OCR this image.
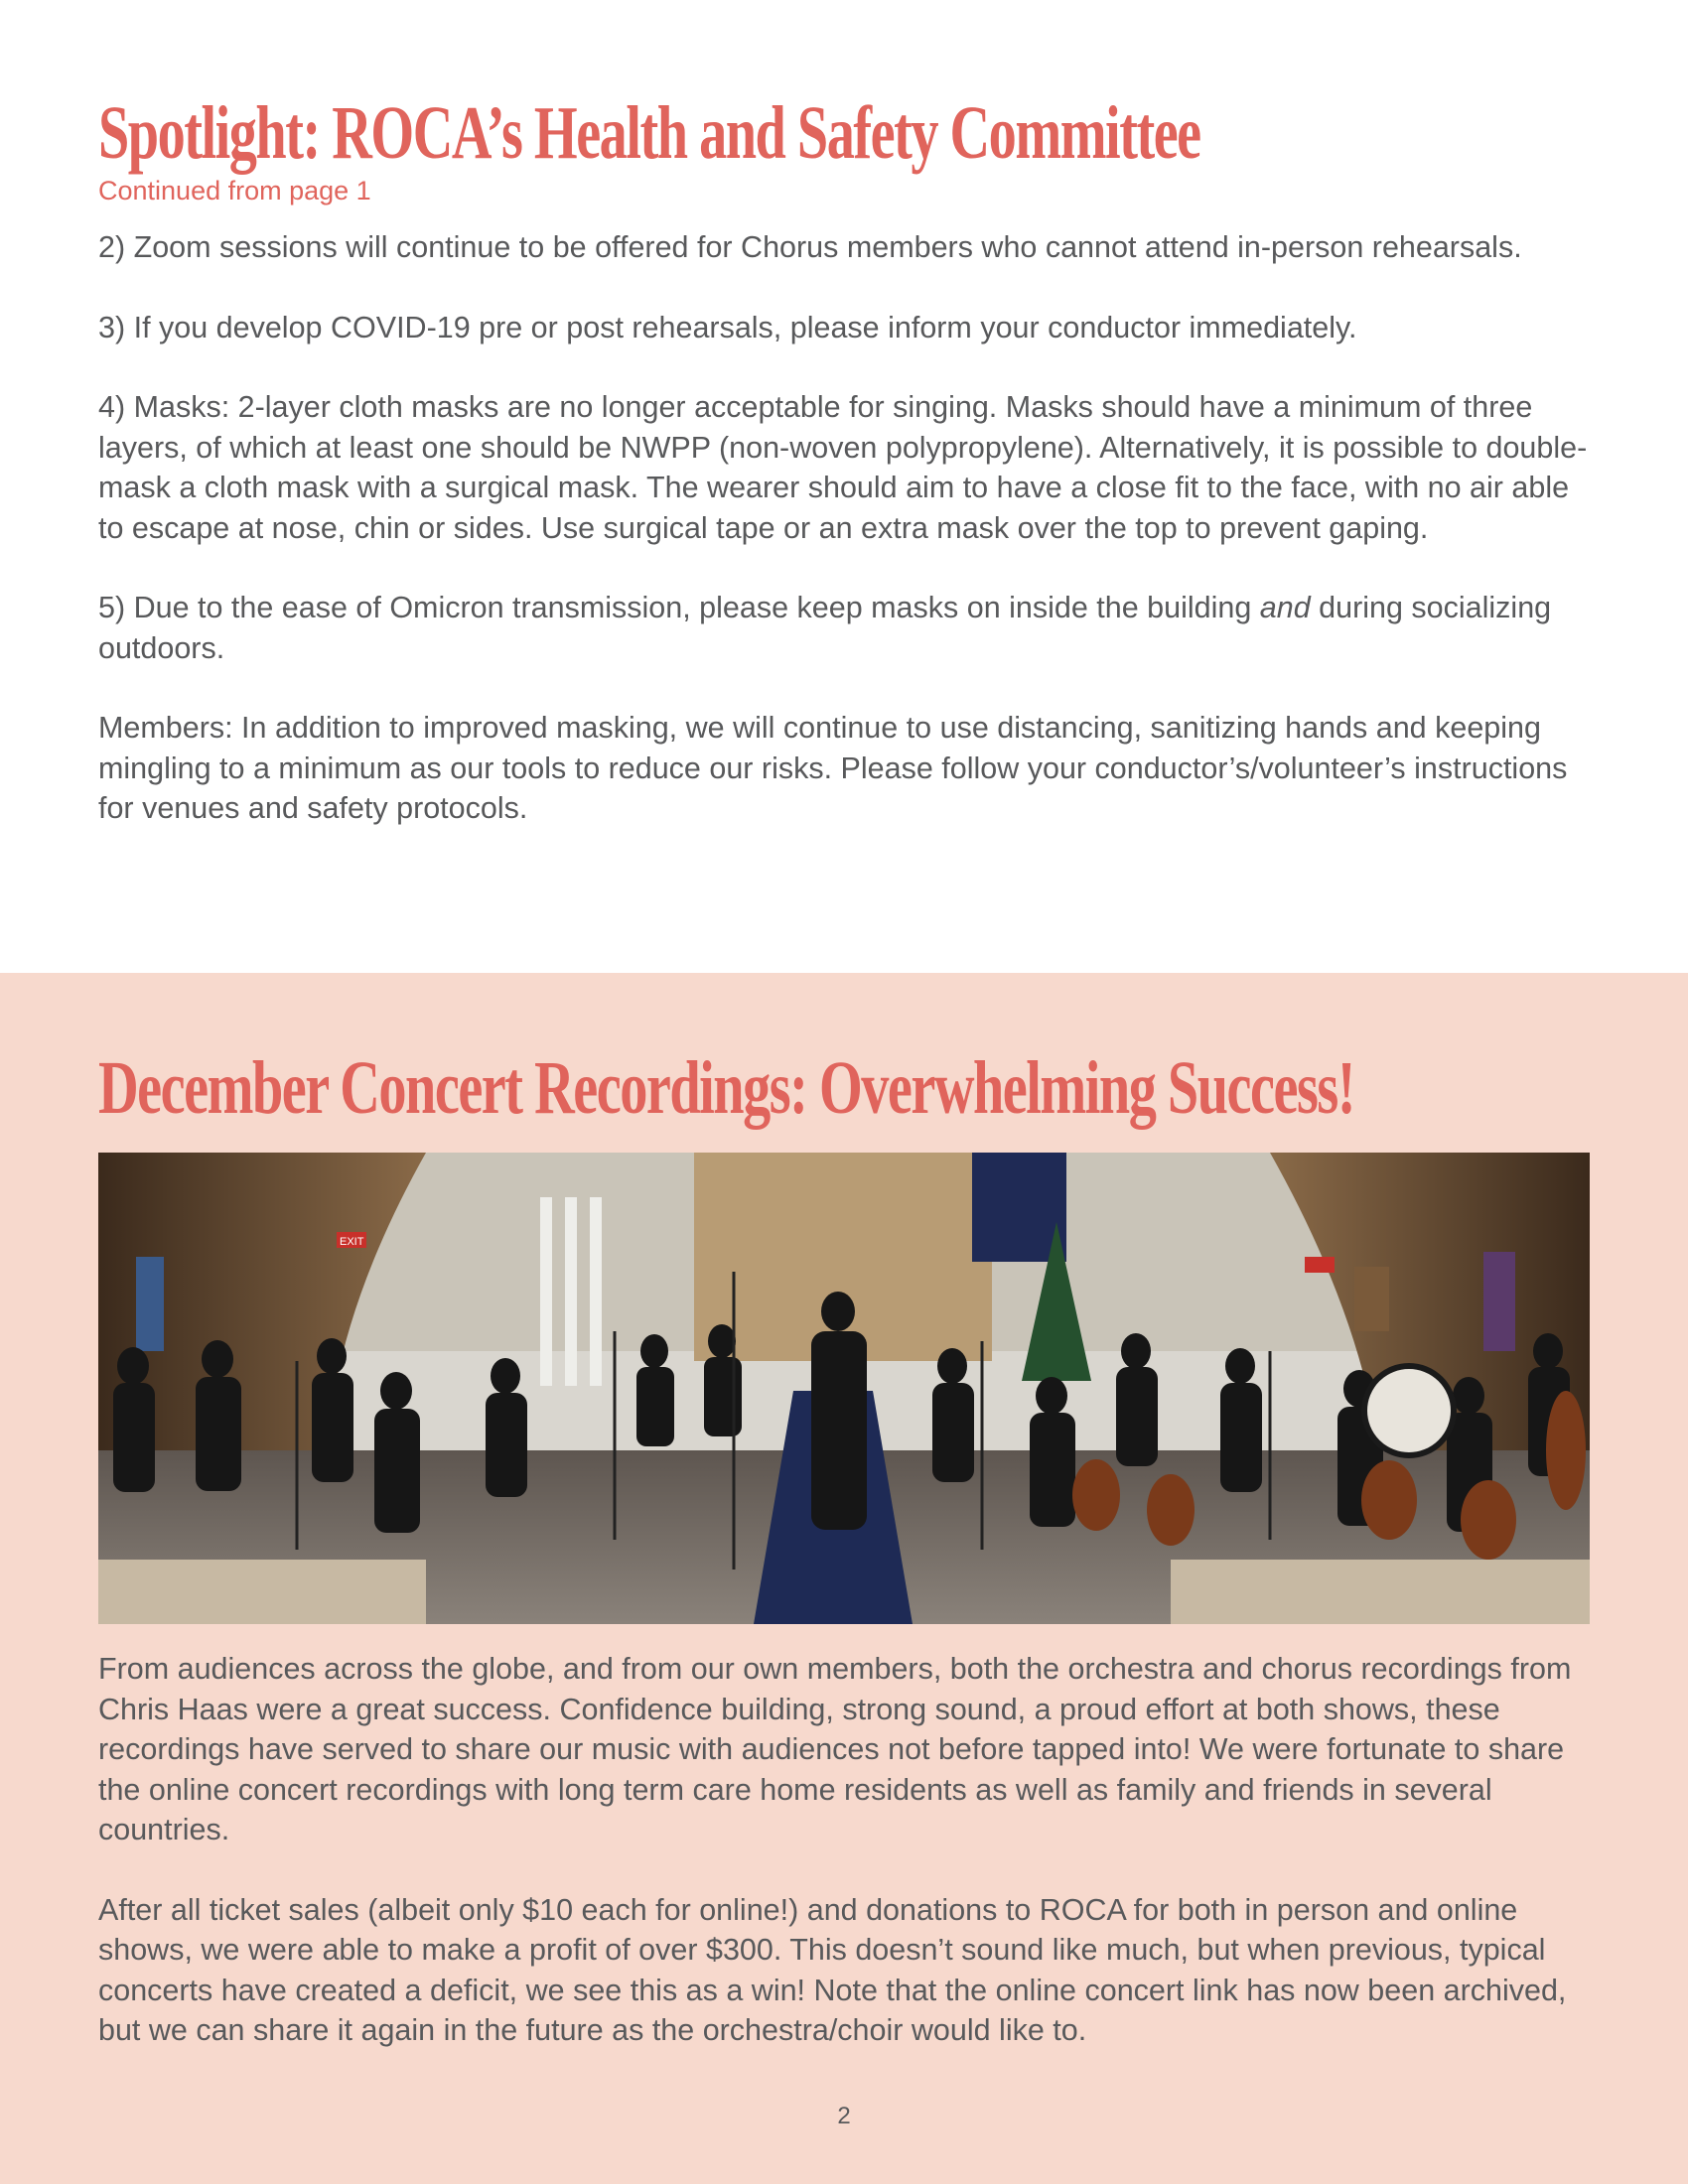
Spotlight: ROCA’s Health and Safety Committee
Continued from page 1

2) Zoom sessions will continue to be offered for Chorus members who cannot attend in-person rehearsals.

3) If you develop COVID-19 pre or post rehearsals, please inform your conductor immediately.

4) Masks: 2-layer cloth masks are no longer acceptable for singing. Masks should have a minimum of three layers, of which at least one should be NWPP (non-woven polypropylene). Alternatively, it is possible to double-mask a cloth mask with a surgical mask. The wearer should aim to have a close fit to the face, with no air able to escape at nose, chin or sides. Use surgical tape or an extra mask over the top to prevent gaping.

5) Due to the ease of Omicron transmission, please keep masks on inside the building and during socializing outdoors.

Members: In addition to improved masking, we will continue to use distancing, sanitizing hands and keeping mingling to a minimum as our tools to reduce our risks. Please follow your conductor’s/volunteer’s instructions for venues and safety protocols.

December Concert Recordings: Overwhelming Success!
EXIT

From audiences across the globe, and from our own members, both the orchestra and chorus recordings from Chris Haas were a great success. Confidence building, strong sound, a proud effort at both shows, these recordings have served to share our music with audiences not before tapped into! We were fortunate to share the online concert recordings with long term care home residents as well as family and friends in several countries.

After all ticket sales (albeit only $10 each for online!) and donations to ROCA for both in person and online shows, we were able to make a profit of over $300. This doesn’t sound like much, but when previous, typical concerts have created a deficit, we see this as a win! Note that the online concert link has now been archived, but we can share it again in the future as the orchestra/choir would like to.

2
